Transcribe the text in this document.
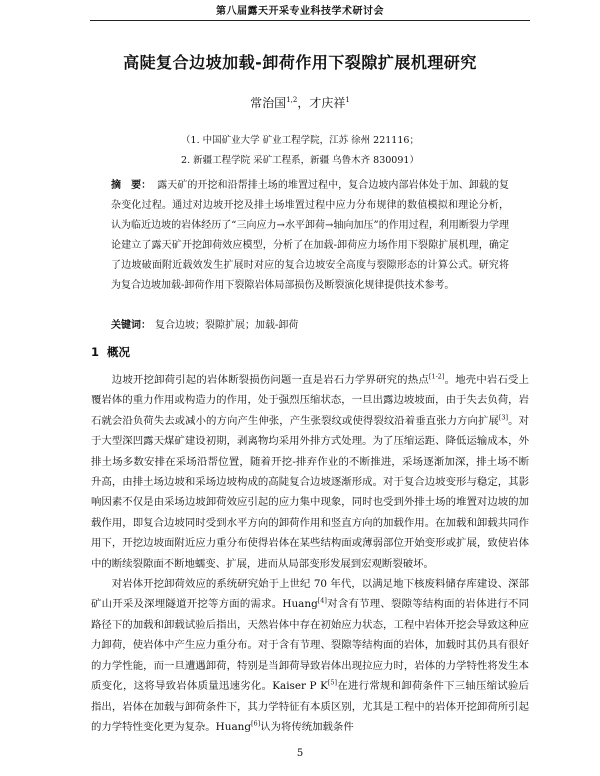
第八届露天开采专业科技学术研讨会
高陡复合边坡加载-卸荷作用下裂隙扩展机理研究
常治国$^{1,2}$，才庆祥$^1$
（1. 中国矿业大学 矿业工程学院，江苏 徐州 221116；
2. 新疆工程学院 采矿工程系，新疆 乌鲁木齐 830091）
摘　要： 露天矿的开挖和沿帮排土场的堆置过程中，复合边坡内部岩体处于加、卸载的复杂变化过程。通过对边坡开挖及排土场堆置过程中应力分布规律的数值模拟和理论分析，认为临近边坡的岩体经历了“三向应力→水平卸荷→轴向加压”的作用过程，利用断裂力学理论建立了露天矿开挖卸荷效应模型，分析了在加载-卸荷应力场作用下裂隙扩展机理，确定了边坡破面附近载效发生扩展时对应的复合边坡安全高度与裂隙形态的计算公式。研究将为复合边坡加载-卸荷作用下裂隙岩体局部损伤及断裂演化规律提供技术参考。
关键词： 复合边坡；裂隙扩展；加载-卸荷
1 概况

边坡开挖卸荷引起的岩体断裂损伤问题一直是岩石力学界研究的热点[1-2]。地壳中岩石受上覆岩体的重力作用或构造力的作用，处于强烈压缩状态，一旦出露边坡坡面，由于失去负荷，岩石就会沿负荷失去或减小的方向产生伸张，产生张裂纹或使得裂纹沿着垂直张力方向扩展[3]。对于大型深凹露天煤矿建设初期，剥离物均采用外排方式处理。为了压缩运距、降低运输成本，外排土场多数安排在采场沿帮位置，随着开挖-排弃作业的不断推进，采场逐渐加深，排土场不断升高，由排土场边坡和采场边坡构成的高陡复合边坡逐渐形成。对于复合边坡变形与稳定，其影响因素不仅是由采场边坡卸荷效应引起的应力集中现象，同时也受到外排土场的堆置对边坡的加载作用，即复合边坡同时受到水平方向的卸荷作用和竖直方向的加载作用。在加载和卸载共同作用下，开挖边坡面附近应力重分布使得岩体在某些结构面或薄弱部位开始变形或扩展，致使岩体中的断续裂隙面不断地蠕变、扩展，进而从局部变形发展到宏观断裂破坏。

对岩体开挖卸荷效应的系统研究始于上世纪 70 年代，以满足地下核废料储存库建设、深部矿山开采及深埋隧道开挖等方面的需求。Huang[4]对含有节理、裂隙等结构面的岩体进行不同路径下的加载和卸载试验后指出，天然岩体中存在初始应力状态，工程中岩体开挖会导致这种应力卸荷，使岩体中产生应力重分布。对于含有节理、裂隙等结构面的岩体，加载时其仍具有很好的力学性能，而一旦遭遇卸荷，特别是当卸荷导致岩体出现拉应力时，岩体的力学特性将发生本质变化，这将导致岩体质量迅速劣化。Kaiser P K[5]在进行常规和卸荷条件下三轴压缩试验后指出，岩体在加载与卸荷条件下，其力学特征有本质区别，尤其是工程中的岩体开挖卸荷所引起的力学特性变化更为复杂。Huang[6]认为将传统加载条件

5
